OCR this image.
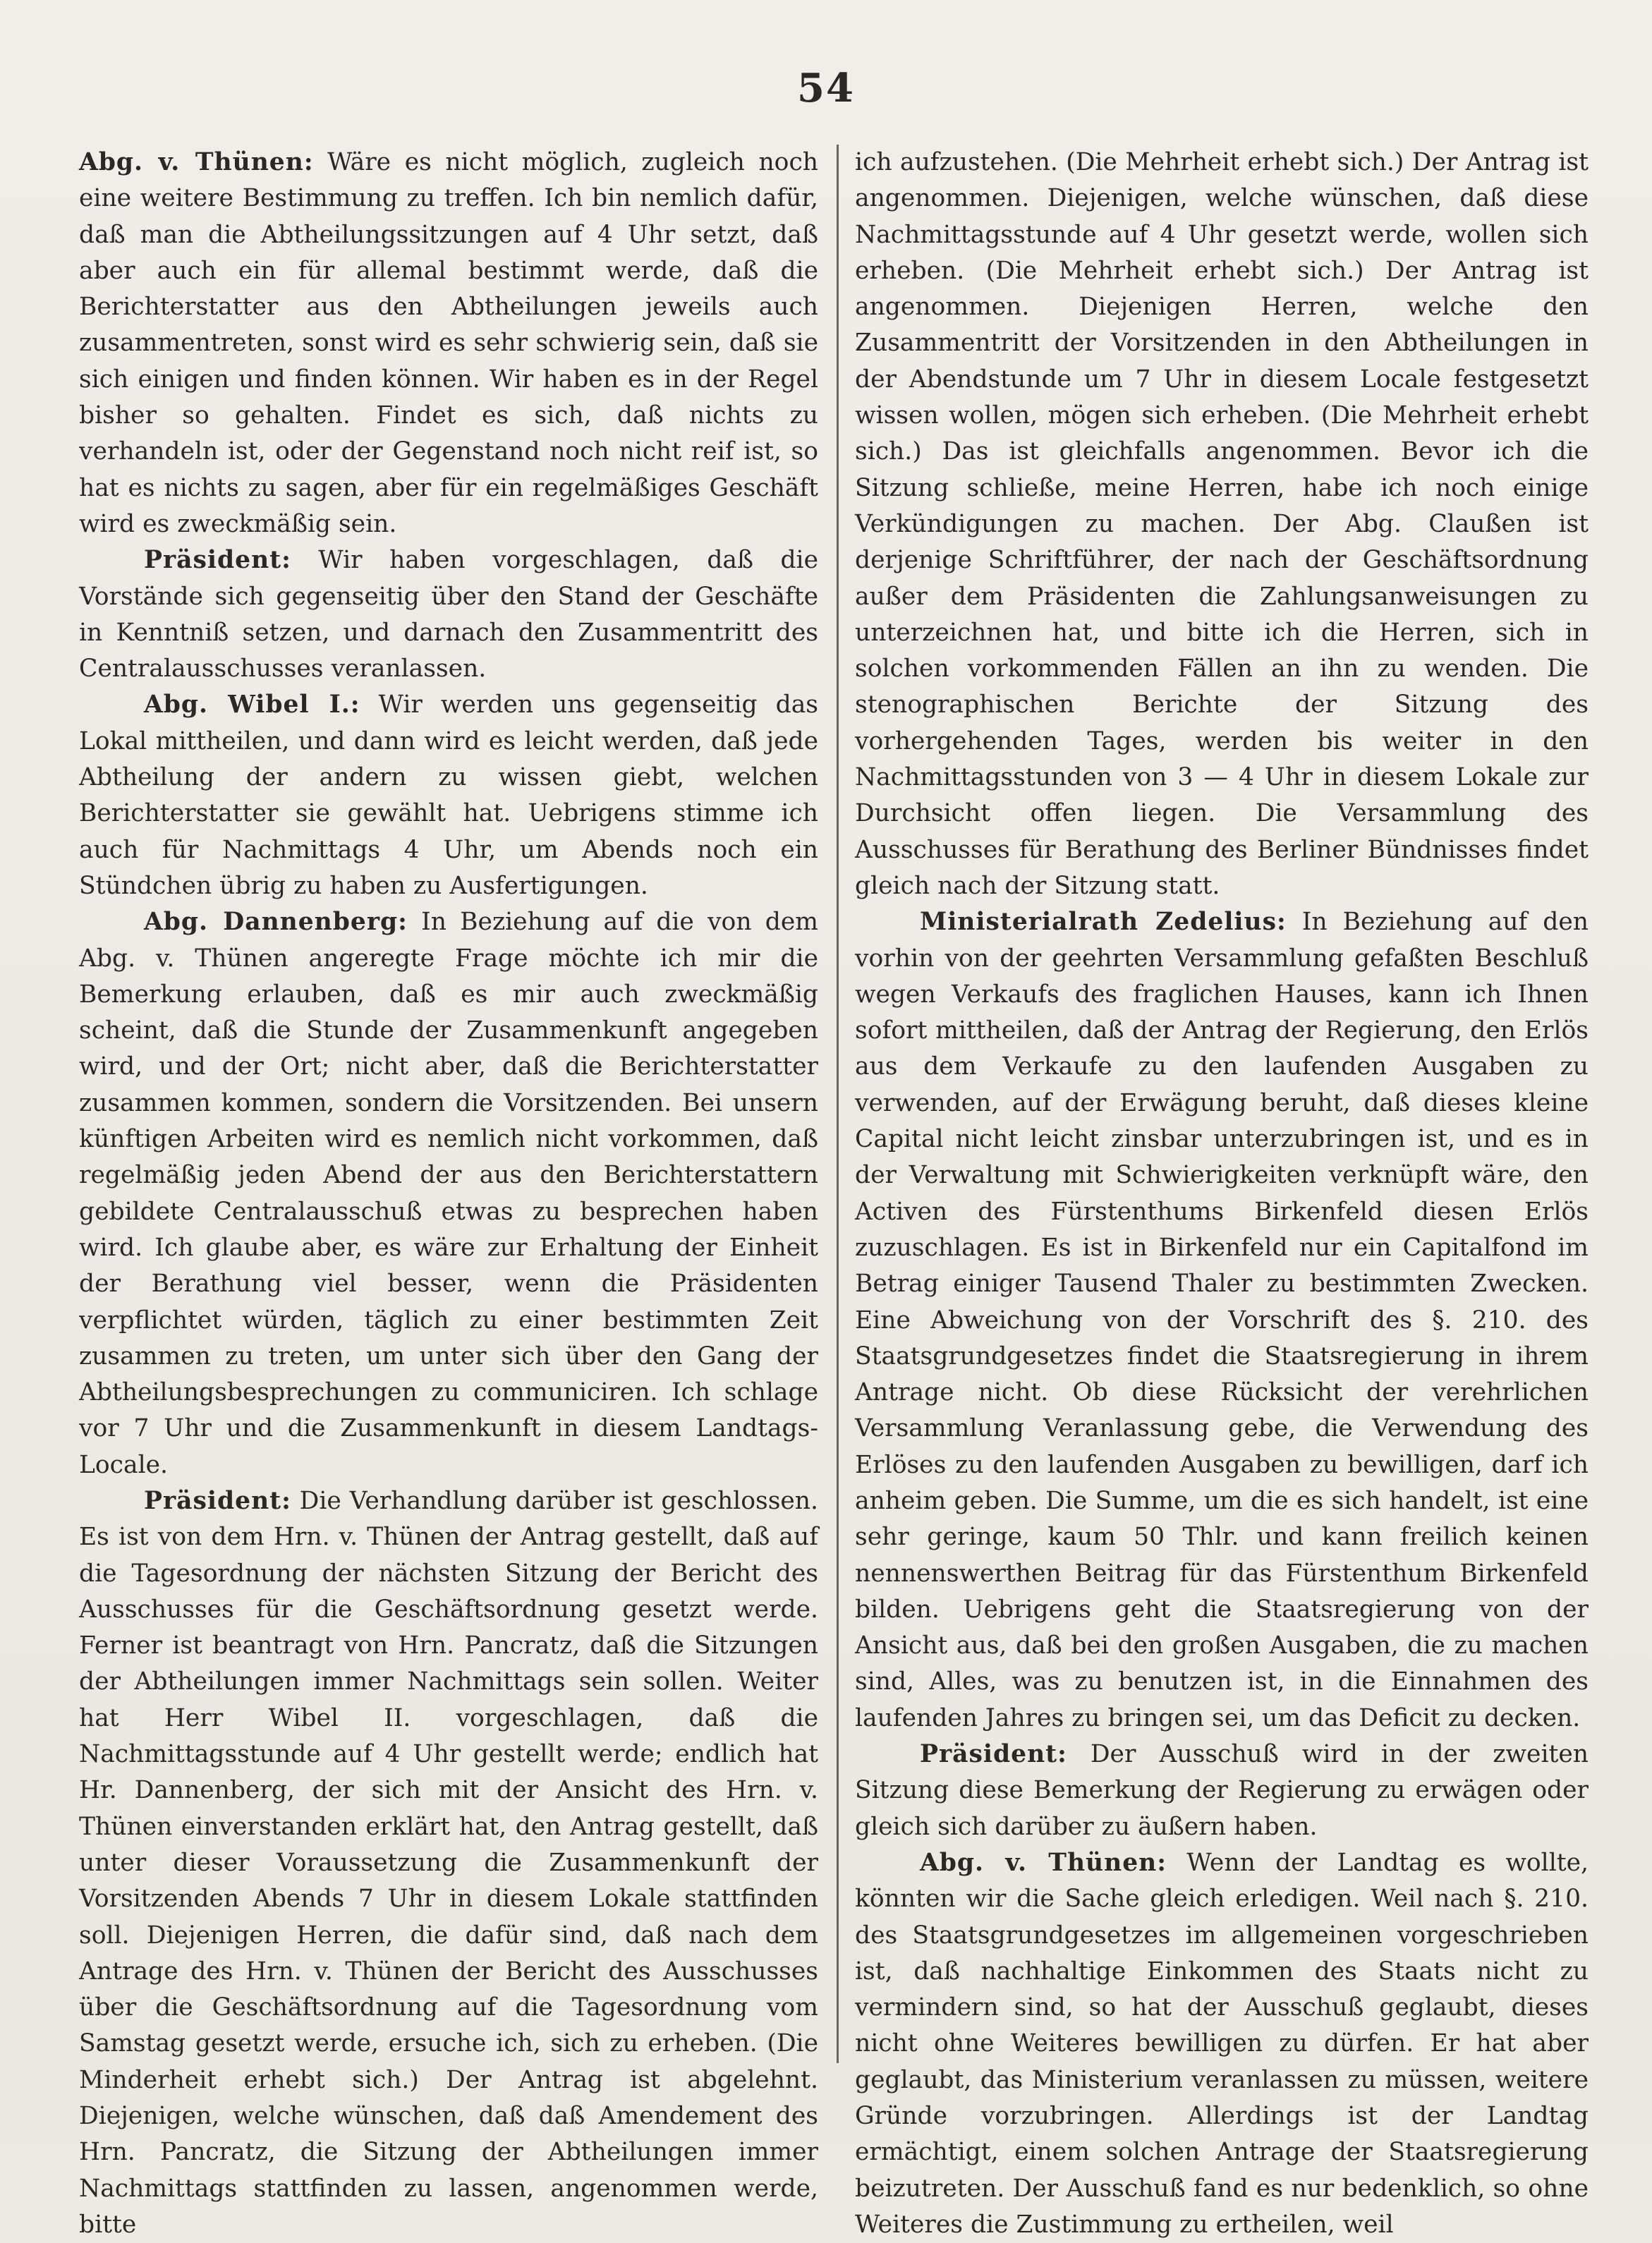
54

Abg. v. Thünen: Wäre es nicht möglich, zugleich noch eine weitere Bestimmung zu treffen. Ich bin nemlich dafür, daß man die Abtheilungssitzungen auf 4 Uhr setzt, daß aber auch ein für allemal bestimmt werde, daß die Berichterstatter aus den Abtheilungen jeweils auch zusammentreten, sonst wird es sehr schwierig sein, daß sie sich einigen und finden können. Wir haben es in der Regel bisher so gehalten. Findet es sich, daß nichts zu verhandeln ist, oder der Gegenstand noch nicht reif ist, so hat es nichts zu sagen, aber für ein regelmäßiges Geschäft wird es zweckmäßig sein.

Präsident: Wir haben vorgeschlagen, daß die Vorstände sich gegenseitig über den Stand der Geschäfte in Kenntniß setzen, und darnach den Zusammentritt des Centralausschusses veranlassen.

Abg. Wibel I.: Wir werden uns gegenseitig das Lokal mittheilen, und dann wird es leicht werden, daß jede Abtheilung der andern zu wissen giebt, welchen Berichterstatter sie gewählt hat. Uebrigens stimme ich auch für Nachmittags 4 Uhr, um Abends noch ein Stündchen übrig zu haben zu Ausfertigungen.

Abg. Dannenberg: In Beziehung auf die von dem Abg. v. Thünen angeregte Frage möchte ich mir die Bemerkung erlauben, daß es mir auch zweckmäßig scheint, daß die Stunde der Zusammenkunft angegeben wird, und der Ort; nicht aber, daß die Berichterstatter zusammen kommen, sondern die Vorsitzenden. Bei unsern künftigen Arbeiten wird es nemlich nicht vorkommen, daß regelmäßig jeden Abend der aus den Berichterstattern gebildete Centralausschuß etwas zu besprechen haben wird. Ich glaube aber, es wäre zur Erhaltung der Einheit der Berathung viel besser, wenn die Präsidenten verpflichtet würden, täglich zu einer bestimmten Zeit zusammen zu treten, um unter sich über den Gang der Abtheilungsbesprechungen zu communiciren. Ich schlage vor 7 Uhr und die Zusammenkunft in diesem Landtags-Locale.

Präsident: Die Verhandlung darüber ist geschlossen. Es ist von dem Hrn. v. Thünen der Antrag gestellt, daß auf die Tagesordnung der nächsten Sitzung der Bericht des Ausschusses für die Geschäftsordnung gesetzt werde. Ferner ist beantragt von Hrn. Pancratz, daß die Sitzungen der Abtheilungen immer Nachmittags sein sollen. Weiter hat Herr Wibel II. vorgeschlagen, daß die Nachmittagsstunde auf 4 Uhr gestellt werde; endlich hat Hr. Dannenberg, der sich mit der Ansicht des Hrn. v. Thünen einverstanden erklärt hat, den Antrag gestellt, daß unter dieser Voraussetzung die Zusammenkunft der Vorsitzenden Abends 7 Uhr in diesem Lokale stattfinden soll. Diejenigen Herren, die dafür sind, daß nach dem Antrage des Hrn. v. Thünen der Bericht des Ausschusses über die Geschäftsordnung auf die Tagesordnung vom Samstag gesetzt werde, ersuche ich, sich zu erheben. (Die Minderheit erhebt sich.) Der Antrag ist abgelehnt. Diejenigen, welche wünschen, daß daß Amendement des Hrn. Pancratz, die Sitzung der Abtheilungen immer Nachmittags stattfinden zu lassen, angenommen werde, bitte

ich aufzustehen. (Die Mehrheit erhebt sich.) Der Antrag ist angenommen. Diejenigen, welche wünschen, daß diese Nachmittagsstunde auf 4 Uhr gesetzt werde, wollen sich erheben. (Die Mehrheit erhebt sich.) Der Antrag ist angenommen. Diejenigen Herren, welche den Zusammentritt der Vorsitzenden in den Abtheilungen in der Abendstunde um 7 Uhr in diesem Locale festgesetzt wissen wollen, mögen sich erheben. (Die Mehrheit erhebt sich.) Das ist gleichfalls angenommen. Bevor ich die Sitzung schließe, meine Herren, habe ich noch einige Verkündigungen zu machen. Der Abg. Claußen ist derjenige Schriftführer, der nach der Geschäftsordnung außer dem Präsidenten die Zahlungsanweisungen zu unterzeichnen hat, und bitte ich die Herren, sich in solchen vorkommenden Fällen an ihn zu wenden. Die stenographischen Berichte der Sitzung des vorhergehenden Tages, werden bis weiter in den Nachmittagsstunden von 3 — 4 Uhr in diesem Lokale zur Durchsicht offen liegen. Die Versammlung des Ausschusses für Berathung des Berliner Bündnisses findet gleich nach der Sitzung statt.

Ministerialrath Zedelius: In Beziehung auf den vorhin von der geehrten Versammlung gefaßten Beschluß wegen Verkaufs des fraglichen Hauses, kann ich Ihnen sofort mittheilen, daß der Antrag der Regierung, den Erlös aus dem Verkaufe zu den laufenden Ausgaben zu verwenden, auf der Erwägung beruht, daß dieses kleine Capital nicht leicht zinsbar unterzubringen ist, und es in der Verwaltung mit Schwierigkeiten verknüpft wäre, den Activen des Fürstenthums Birkenfeld diesen Erlös zuzuschlagen. Es ist in Birkenfeld nur ein Capitalfond im Betrag einiger Tausend Thaler zu bestimmten Zwecken. Eine Abweichung von der Vorschrift des §. 210. des Staatsgrundgesetzes findet die Staatsregierung in ihrem Antrage nicht. Ob diese Rücksicht der verehrlichen Versammlung Veranlassung gebe, die Verwendung des Erlöses zu den laufenden Ausgaben zu bewilligen, darf ich anheim geben. Die Summe, um die es sich handelt, ist eine sehr geringe, kaum 50 Thlr. und kann freilich keinen nennenswerthen Beitrag für das Fürstenthum Birkenfeld bilden. Uebrigens geht die Staatsregierung von der Ansicht aus, daß bei den großen Ausgaben, die zu machen sind, Alles, was zu benutzen ist, in die Einnahmen des laufenden Jahres zu bringen sei, um das Deficit zu decken.

Präsident: Der Ausschuß wird in der zweiten Sitzung diese Bemerkung der Regierung zu erwägen oder gleich sich darüber zu äußern haben.

Abg. v. Thünen: Wenn der Landtag es wollte, könnten wir die Sache gleich erledigen. Weil nach §. 210. des Staatsgrundgesetzes im allgemeinen vorgeschrieben ist, daß nachhaltige Einkommen des Staats nicht zu vermindern sind, so hat der Ausschuß geglaubt, dieses nicht ohne Weiteres bewilligen zu dürfen. Er hat aber geglaubt, das Ministerium veranlassen zu müssen, weitere Gründe vorzubringen. Allerdings ist der Landtag ermächtigt, einem solchen Antrage der Staatsregierung beizutreten. Der Ausschuß fand es nur bedenklich, so ohne Weiteres die Zustimmung zu ertheilen, weil
